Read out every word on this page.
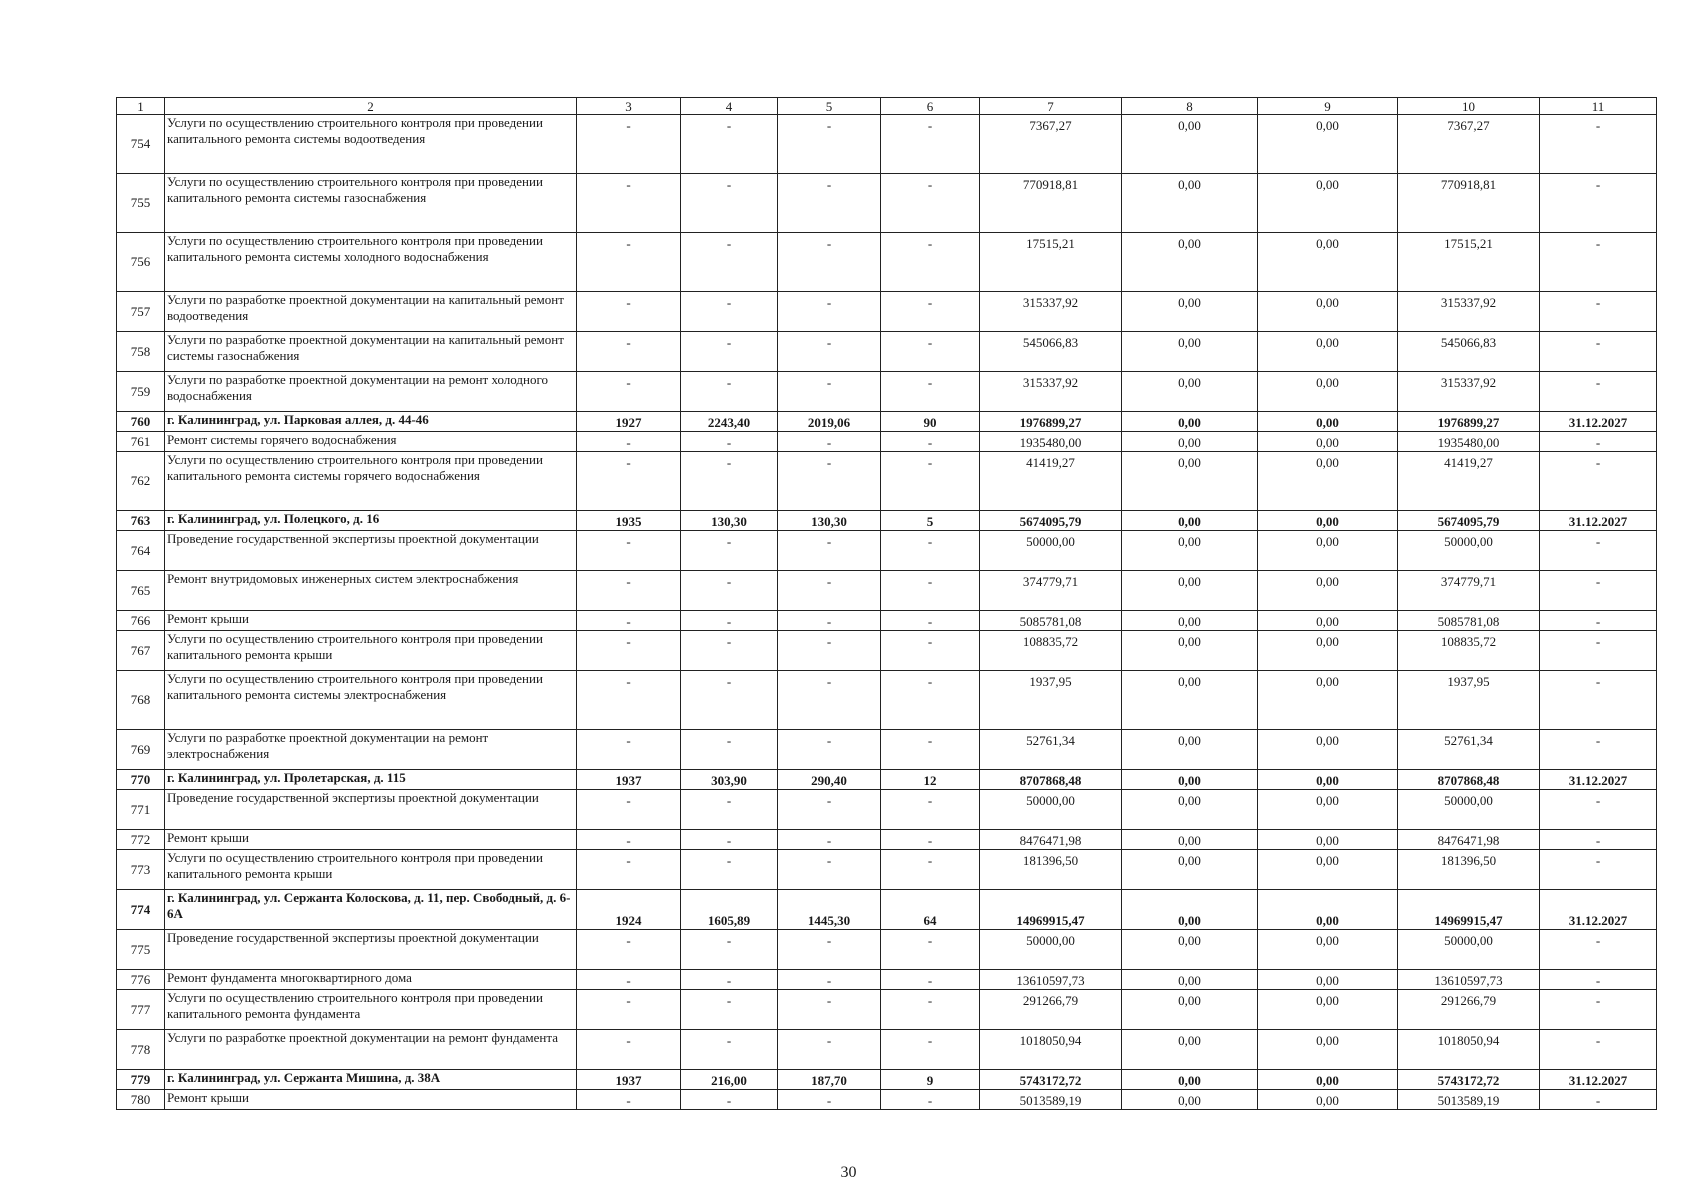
1	2	3	4	5	6	7	8	9	10	11
754	Услуги по осуществлению строительного контроля при проведении капитального ремонта системы водоотведения	-	-	-	-	7367,27	0,00	0,00	7367,27	-
755	Услуги по осуществлению строительного контроля при проведении капитального ремонта системы газоснабжения	-	-	-	-	770918,81	0,00	0,00	770918,81	-
756	Услуги по осуществлению строительного контроля при проведении капитального ремонта системы холодного водоснабжения	-	-	-	-	17515,21	0,00	0,00	17515,21	-
757	Услуги по разработке проектной документации на капитальный ремонт водоотведения	-	-	-	-	315337,92	0,00	0,00	315337,92	-
758	Услуги по разработке проектной документации на капитальный ремонт системы газоснабжения	-	-	-	-	545066,83	0,00	0,00	545066,83	-
759	Услуги по разработке проектной документации на ремонт холодного водоснабжения	-	-	-	-	315337,92	0,00	0,00	315337,92	-
760	г. Калининград, ул. Парковая аллея, д. 44-46	1927	2243,40	2019,06	90	1976899,27	0,00	0,00	1976899,27	31.12.2027
761	Ремонт системы горячего водоснабжения	-	-	-	-	1935480,00	0,00	0,00	1935480,00	-
762	Услуги по осуществлению строительного контроля при проведении капитального ремонта системы горячего водоснабжения	-	-	-	-	41419,27	0,00	0,00	41419,27	-
763	г. Калининград, ул. Полецкого, д. 16	1935	130,30	130,30	5	5674095,79	0,00	0,00	5674095,79	31.12.2027
764	Проведение государственной экспертизы проектной документации	-	-	-	-	50000,00	0,00	0,00	50000,00	-
765	Ремонт внутридомовых инженерных систем электроснабжения	-	-	-	-	374779,71	0,00	0,00	374779,71	-
766	Ремонт крыши	-	-	-	-	5085781,08	0,00	0,00	5085781,08	-
767	Услуги по осуществлению строительного контроля при проведении капитального ремонта крыши	-	-	-	-	108835,72	0,00	0,00	108835,72	-
768	Услуги по осуществлению строительного контроля при проведении капитального ремонта системы электроснабжения	-	-	-	-	1937,95	0,00	0,00	1937,95	-
769	Услуги по разработке проектной документации на ремонт электроснабжения	-	-	-	-	52761,34	0,00	0,00	52761,34	-
770	г. Калининград, ул. Пролетарская, д. 115	1937	303,90	290,40	12	8707868,48	0,00	0,00	8707868,48	31.12.2027
771	Проведение государственной экспертизы проектной документации	-	-	-	-	50000,00	0,00	0,00	50000,00	-
772	Ремонт крыши	-	-	-	-	8476471,98	0,00	0,00	8476471,98	-
773	Услуги по осуществлению строительного контроля при проведении капитального ремонта крыши	-	-	-	-	181396,50	0,00	0,00	181396,50	-
774	г. Калининград, ул. Сержанта Колоскова, д. 11, пер. Свободный, д. 6-6А	1924	1605,89	1445,30	64	14969915,47	0,00	0,00	14969915,47	31.12.2027
775	Проведение государственной экспертизы проектной документации	-	-	-	-	50000,00	0,00	0,00	50000,00	-
776	Ремонт фундамента многоквартирного дома	-	-	-	-	13610597,73	0,00	0,00	13610597,73	-
777	Услуги по осуществлению строительного контроля при проведении капитального ремонта фундамента	-	-	-	-	291266,79	0,00	0,00	291266,79	-
778	Услуги по разработке проектной документации на ремонт фундамента	-	-	-	-	1018050,94	0,00	0,00	1018050,94	-
779	г. Калининград, ул. Сержанта Мишина, д. 38А	1937	216,00	187,70	9	5743172,72	0,00	0,00	5743172,72	31.12.2027
780	Ремонт крыши	-	-	-	-	5013589,19	0,00	0,00	5013589,19	-
30
